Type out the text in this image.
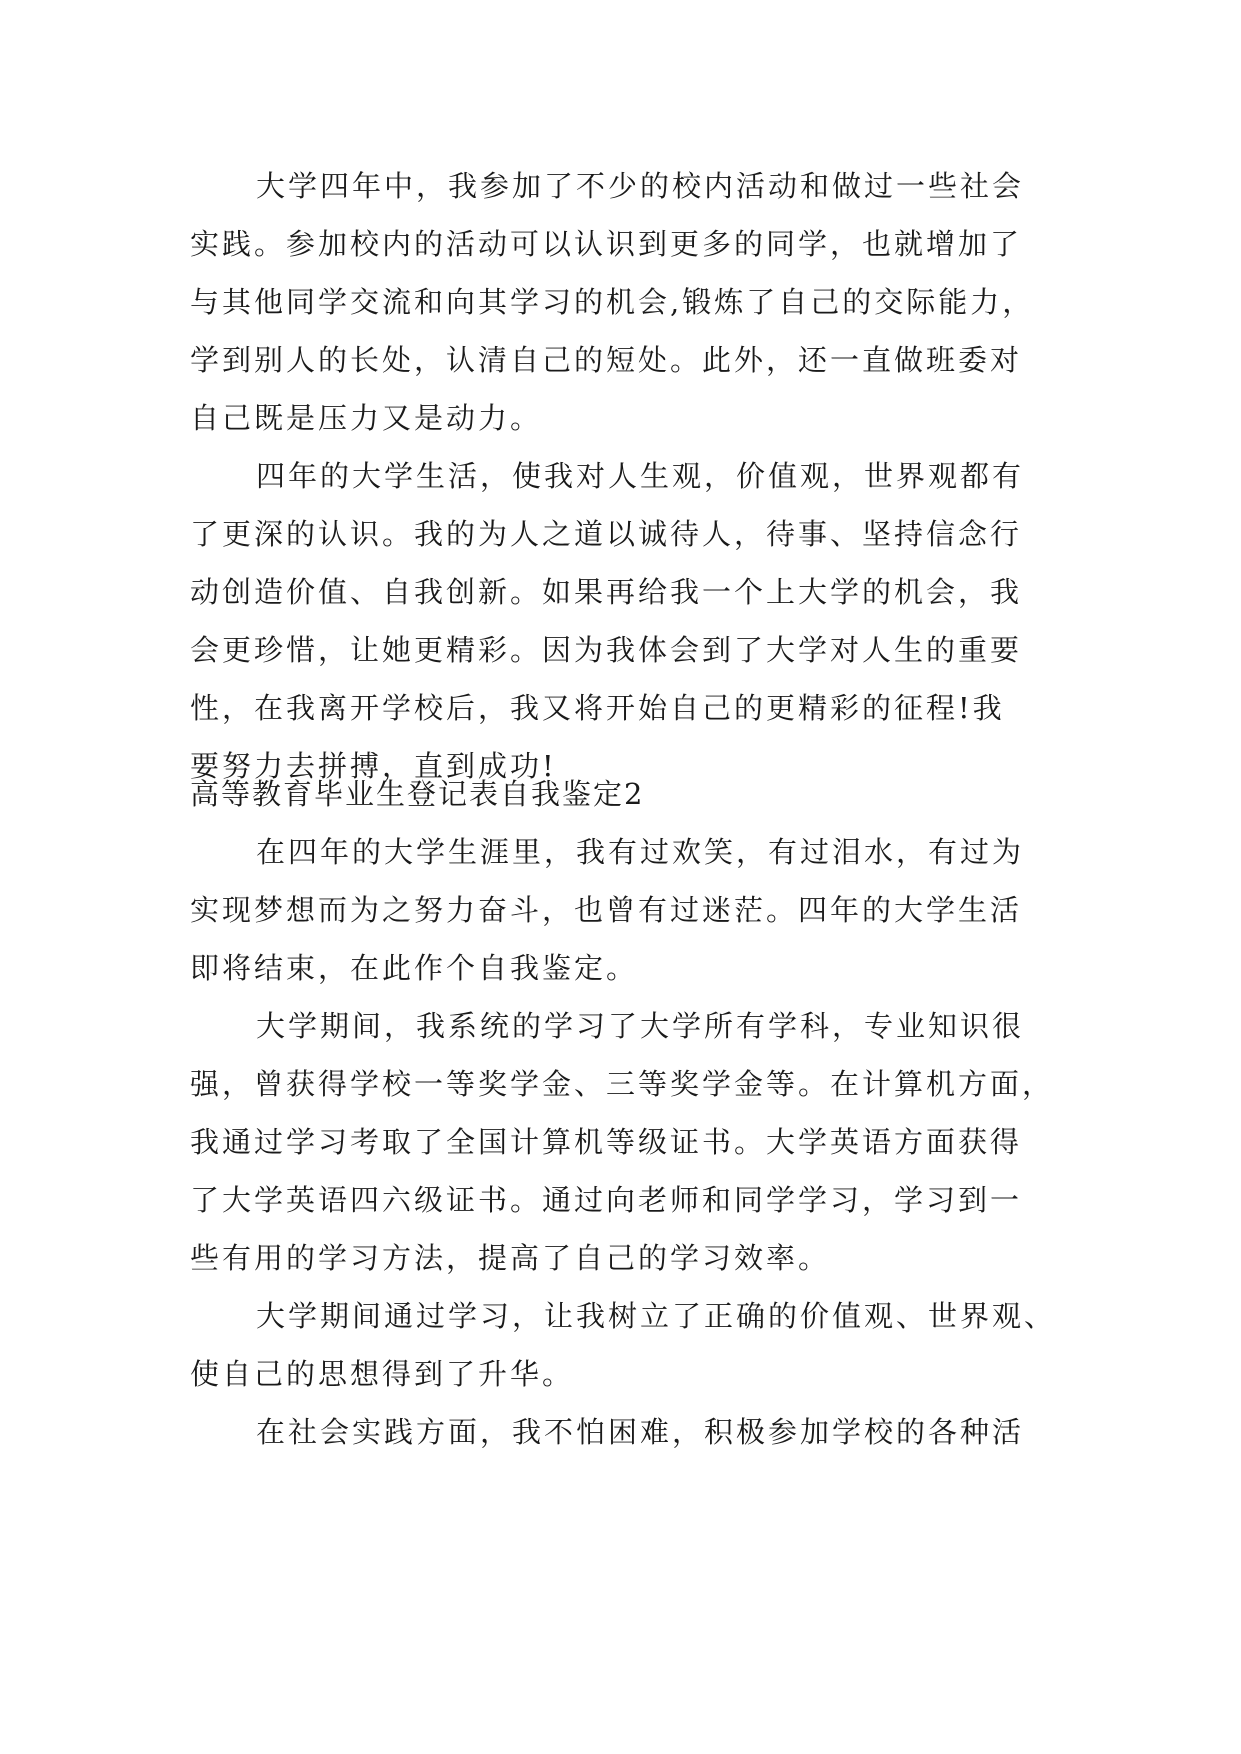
大学四年中，我参加了不少的校内活动和做过一些社会
实践。参加校内的活动可以认识到更多的同学，也就增加了
与其他同学交流和向其学习的机会,锻炼了自己的交际能力，
学到别人的长处，认清自己的短处。此外，还一直做班委对
自己既是压力又是动力。
四年的大学生活，使我对人生观，价值观，世界观都有
了更深的认识。我的为人之道以诚待人，待事、坚持信念行
动创造价值、自我创新。如果再给我一个上大学的机会，我
会更珍惜，让她更精彩。因为我体会到了大学对人生的重要
性，在我离开学校后，我又将开始自己的更精彩的征程!我
要努力去拼搏，直到成功!
高等教育毕业生登记表自我鉴定2
在四年的大学生涯里，我有过欢笑，有过泪水，有过为
实现梦想而为之努力奋斗，也曾有过迷茫。四年的大学生活
即将结束，在此作个自我鉴定。
大学期间，我系统的学习了大学所有学科，专业知识很
强，曾获得学校一等奖学金、三等奖学金等。在计算机方面，
我通过学习考取了全国计算机等级证书。大学英语方面获得
了大学英语四六级证书。通过向老师和同学学习，学习到一
些有用的学习方法，提高了自己的学习效率。
大学期间通过学习，让我树立了正确的价值观、世界观、
使自己的思想得到了升华。
在社会实践方面，我不怕困难，积极参加学校的各种活
